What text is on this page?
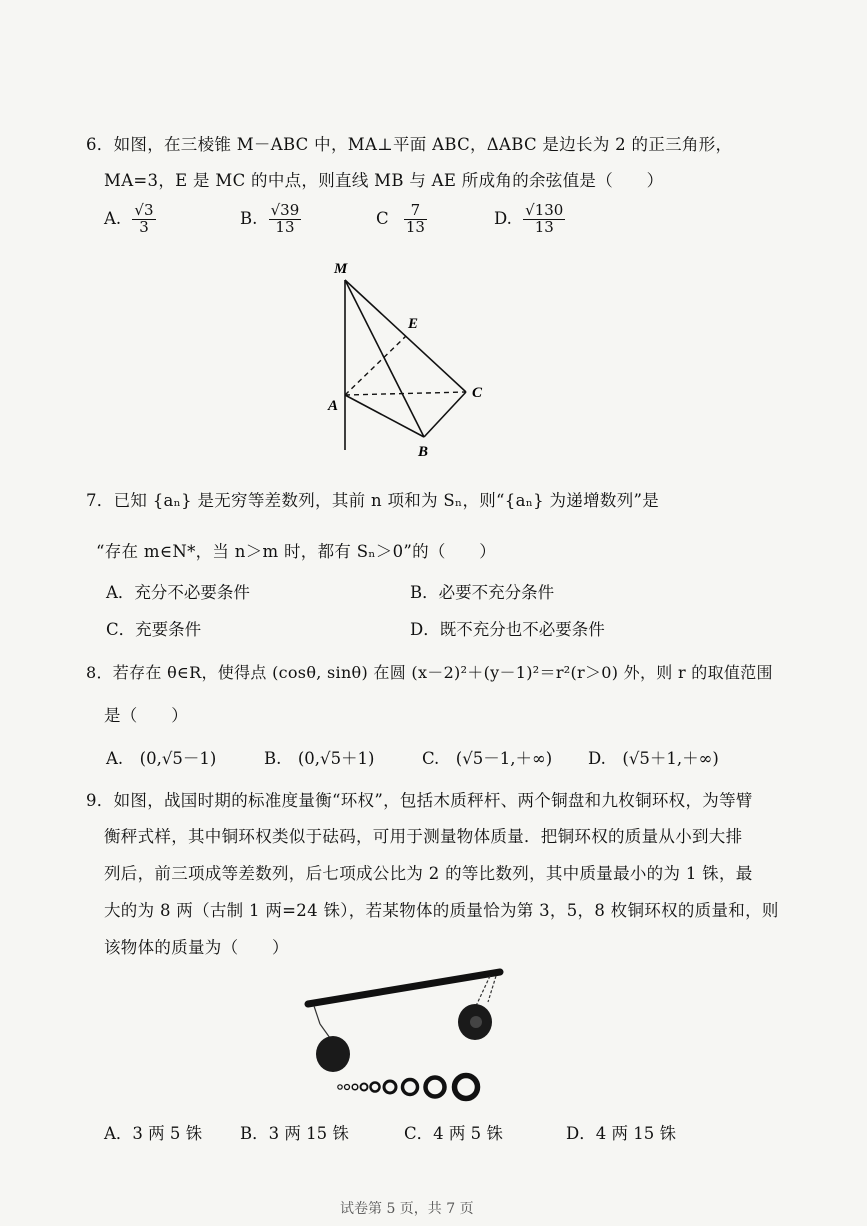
6．如图，在三棱锥 M－ABC 中，MA⊥平面 ABC，ΔABC 是边长为 2 的正三角形，
MA=3，E 是 MC 的中点，则直线 MB 与 AE 所成角的余弦值是（　　）
A. $\frac{√3}{3}$	B. $\frac{√39}{13}$	C $\frac{7}{13}$	D. $\frac{√130}{13}$
M
E
A
C
B
7．已知 {aₙ} 是无穷等差数列，其前 n 项和为 Sₙ，则“{aₙ} 为递增数列”是
“存在 m∈N*，当 n＞m 时，都有 Sₙ＞0”的（　　）
A．充分不必要条件	B．必要不充分条件
C．充要条件	D．既不充分也不必要条件
8．若存在 θ∈R，使得点 (cosθ, sinθ) 在圆 (x－2)²＋(y－1)²＝r²(r＞0) 外，则 r 的取值范围
是（　　）
A.　(0,√5－1)	B.　(0,√5＋1)	C.　(√5－1,＋∞) D.　(√5＋1,＋∞)
9．如图，战国时期的标准度量衡“环权”，包括木质秤杆、两个铜盘和九枚铜环权，为等臂
衡秤式样，其中铜环权类似于砝码，可用于测量物体质量．把铜环权的质量从小到大排
列后，前三项成等差数列，后七项成公比为 2 的等比数列，其中质量最小的为 1 铢，最
大的为 8 两（古制 1 两=24 铢），若某物体的质量恰为第 3，5，8 枚铜环权的质量和，则
该物体的质量为（　　）
A．3 两 5 铢 B．3 两 15 铢	C．4 两 5 铢	D．4 两 15 铢
试卷第 5 页，共 7 页
